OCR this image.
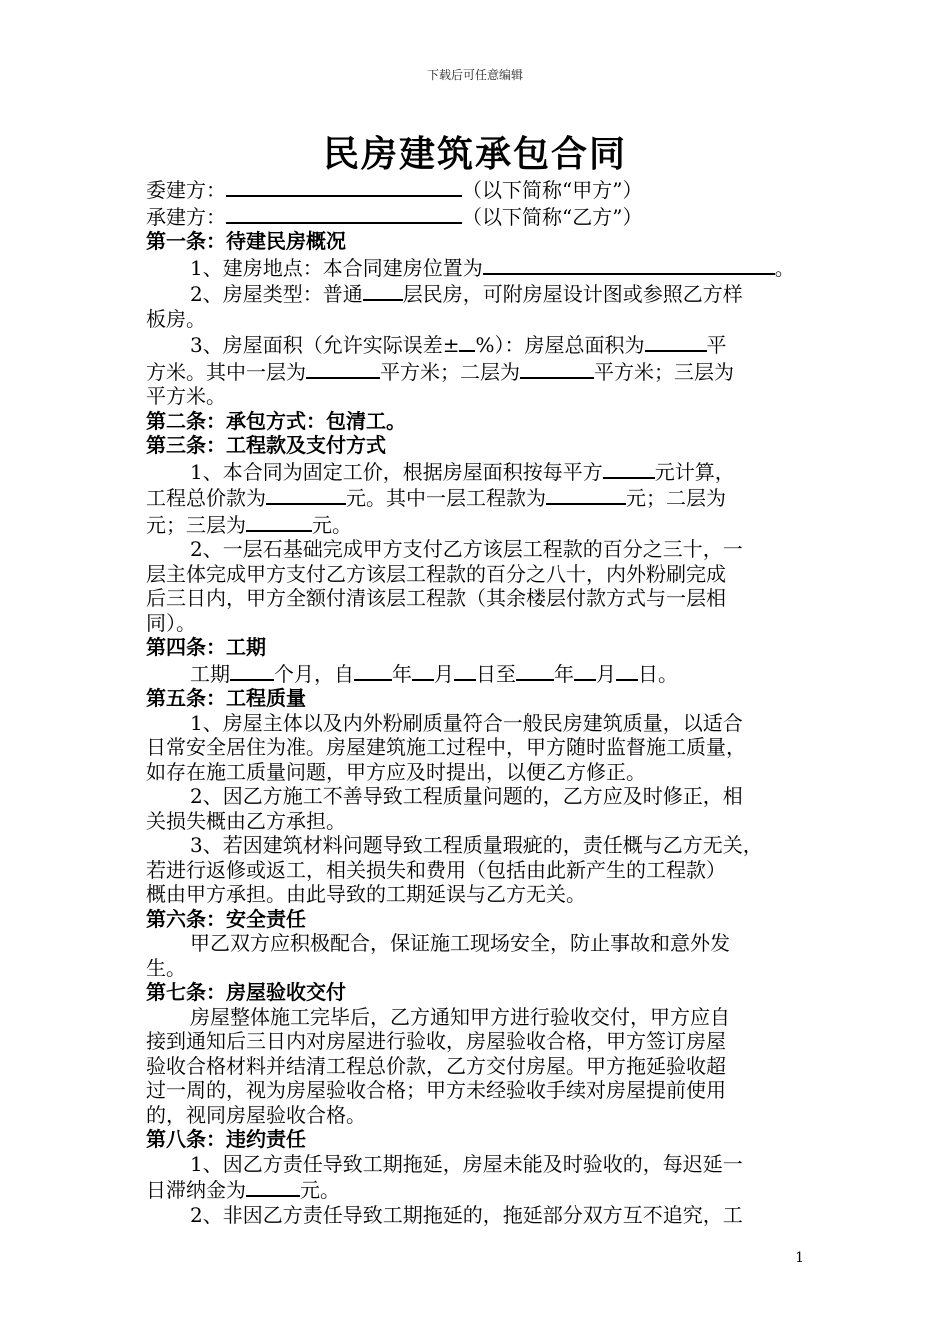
下载后可任意编辑
民房建筑承包合同
委建方：	（以下简称“甲方”）
承建方：	（以下简称“乙方”）
第一条：待建民房概况
1、建房地点：本合同建房位置为	。
2、房屋类型：普通 层民房，可附房屋设计图或参照乙方样
板房。
3、房屋面积（允许实际误差± %）：房屋总面积为	平
方米。其中一层为	平方米；二层为	平方米；三层为
平方米。
第二条：承包方式：包清工。
第三条：工程款及支付方式
1、本合同为固定工价，根据房屋面积按每平方	元计算，
工程总价款为	元。其中一层工程款为	元；二层为
元；三层为	元。
2、一层石基础完成甲方支付乙方该层工程款的百分之三十，一
层主体完成甲方支付乙方该层工程款的百分之八十，内外粉刷完成
后三日内，甲方全额付清该层工程款（其余楼层付款方式与一层相
同）。
第四条：工期
工期 个月，自 年 月 日至 年 月 日。
第五条：工程质量
1、房屋主体以及内外粉刷质量符合一般民房建筑质量，以适合
日常安全居住为准。房屋建筑施工过程中，甲方随时监督施工质量，
如存在施工质量问题，甲方应及时提出，以便乙方修正。
2、因乙方施工不善导致工程质量问题的，乙方应及时修正，相
关损失概由乙方承担。
3、若因建筑材料问题导致工程质量瑕疵的，责任概与乙方无关，
若进行返修或返工，相关损失和费用（包括由此新产生的工程款）
概由甲方承担。由此导致的工期延误与乙方无关。
第六条：安全责任
甲乙双方应积极配合，保证施工现场安全，防止事故和意外发
生。
第七条：房屋验收交付
房屋整体施工完毕后，乙方通知甲方进行验收交付，甲方应自
接到通知后三日内对房屋进行验收，房屋验收合格，甲方签订房屋
验收合格材料并结清工程总价款，乙方交付房屋。甲方拖延验收超
过一周的，视为房屋验收合格；甲方未经验收手续对房屋提前使用
的，视同房屋验收合格。
第八条：违约责任
1、因乙方责任导致工期拖延，房屋未能及时验收的，每迟延一
日滞纳金为	元。
2、非因乙方责任导致工期拖延的，拖延部分双方互不追究，工
1
